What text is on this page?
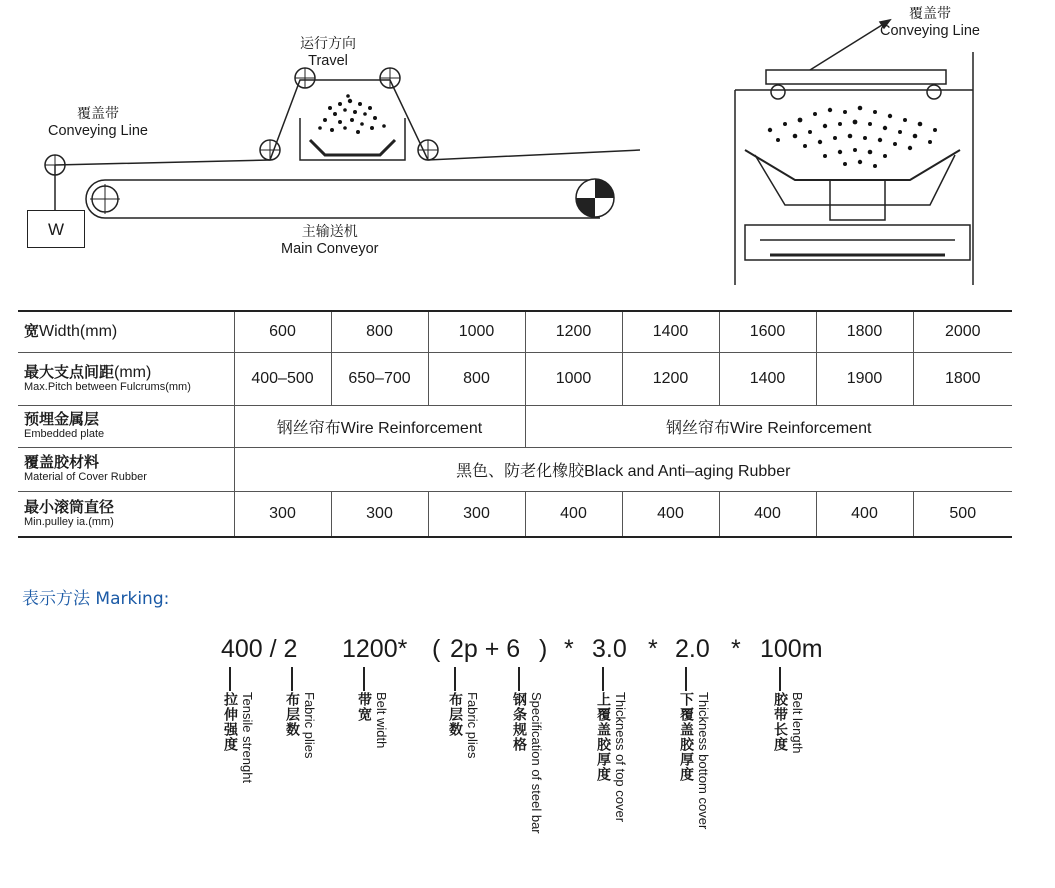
运行方向
Travel
覆盖带
Conveying Line
主输送机
Main Conveyor
W
覆盖带
Conveying Line
宽Width(mm)	600	800	1000	1200	1400	1600	1800	2000

最大支点间距(mm)
Max.Pitch between Fulcrums(mm)	400–500	650–700	800	1000	1200	1400	1900	1800

预埋金属层
Embedded plate	钢丝帘布Wire Reinforcement			钢丝帘布Wire Reinforcement				

覆盖胶材料
Material of Cover Rubber	黑色、防老化橡胶Black and Anti–aging Rubber							

最小滚筒直径
Min.pulley ia.(mm)	300	300	300	400	400	400	400	500
表示方法 Marking:
400 / 2 1200* ( 2p + 6 ) * 3.0 * 2.0 * 100m
拉伸强度 Tensile strenght 布层数 Fabric plies	带宽 Belt width	布层数 Fabric plies 钢条规格 Specification of steel bar	上覆盖胶厚度 Thickness of top cover	下覆盖胶厚度 Thickness bottom cover	胶带长度 Belt length
